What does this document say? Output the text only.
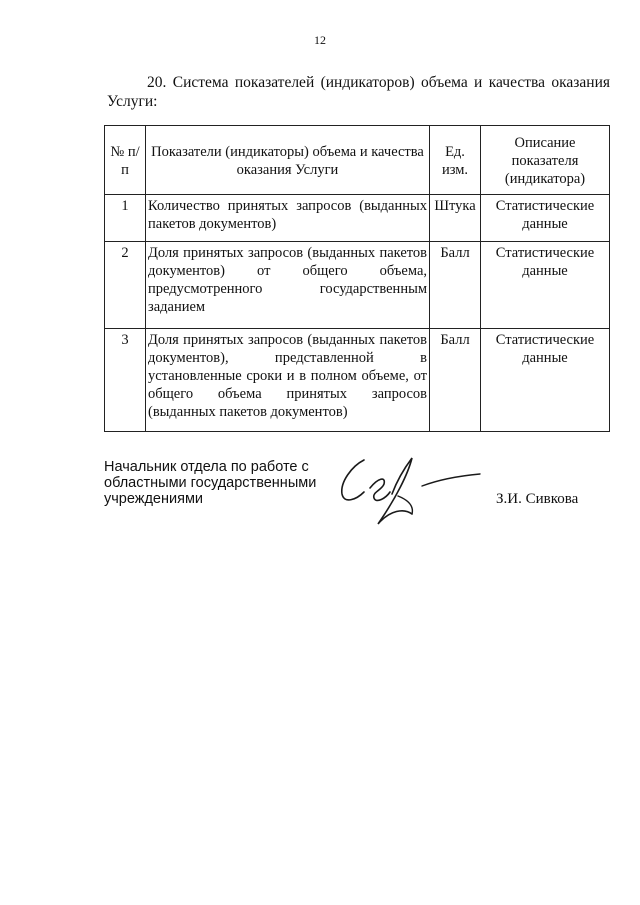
12

20. Система показателей (индикаторов) объема и качества оказания Услуги:

№ п/п	Показатели (индикаторы) объема и качества оказания Услуги	Ед. изм.	Описание показателя (индикатора)
1	Количество принятых запросов (выданных пакетов документов)	Штука	Статистические данные
2	Доля принятых запросов (выданных пакетов документов) от общего объема, предусмотренного государственным заданием	Балл	Статистические данные
3	Доля принятых запросов (выданных пакетов документов), представленной в установленные сроки и в полном объеме, от общего объема принятых запросов (выданных пакетов документов)	Балл	Статистические данные
Начальник отдела по работе с областными государственными учреждениями	З.И. Сивкова
